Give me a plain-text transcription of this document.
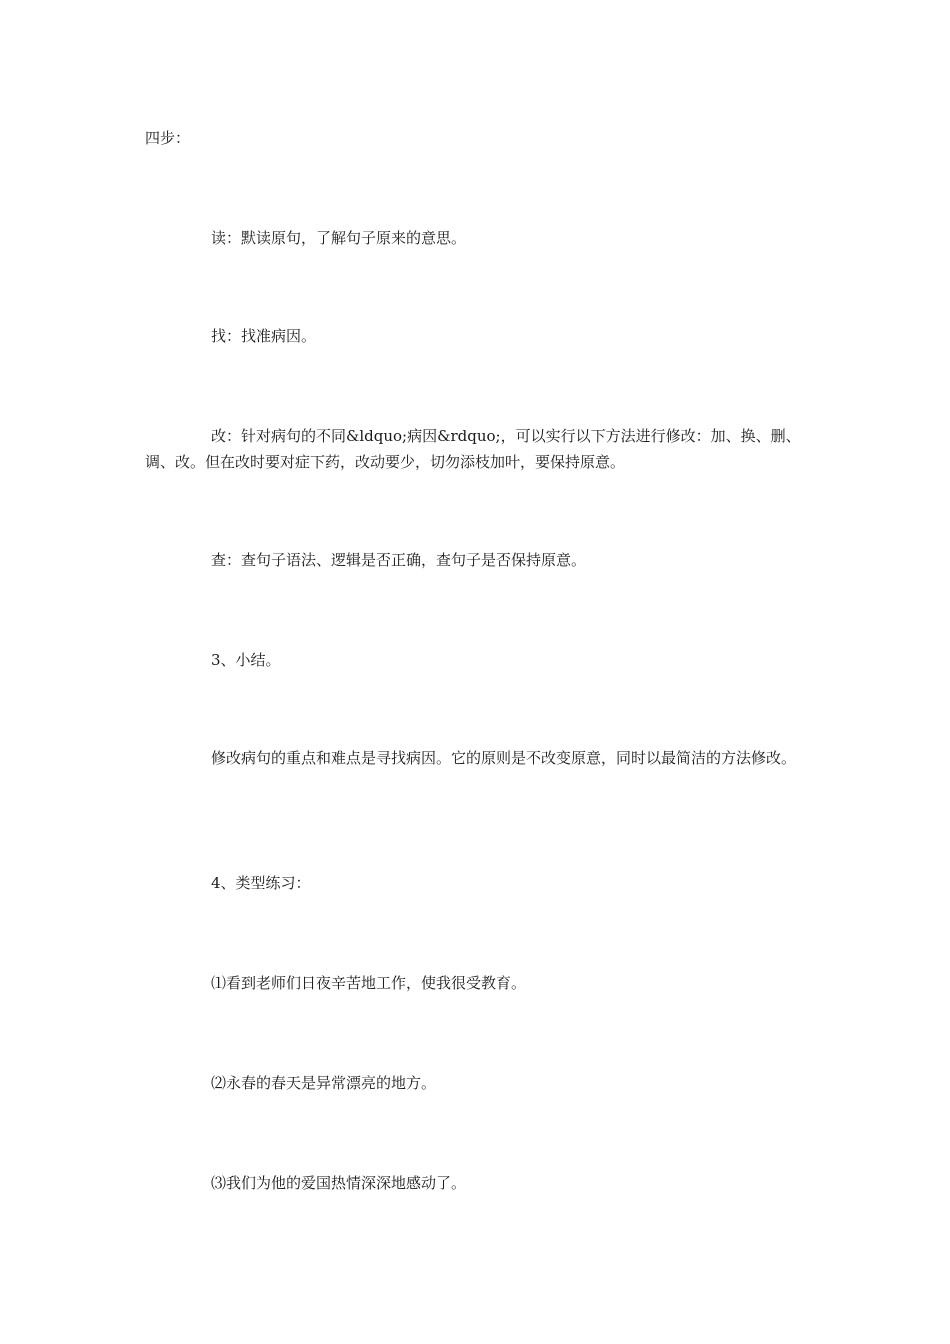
四步：

读：默读原句，了解句子原来的意思。

找：找准病因。

改：针对病句的不同&ldquo;病因&rdquo;，可以实行以下方法进行修改：加、换、删、调、改。但在改时要对症下药，改动要少，切勿添枝加叶，要保持原意。

查：查句子语法、逻辑是否正确，查句子是否保持原意。

3、小结。

修改病句的重点和难点是寻找病因。它的原则是不改变原意，同时以最简洁的方法修改。

4、类型练习：

⑴看到老师们日夜辛苦地工作，使我很受教育。

⑵永春的春天是异常漂亮的地方。

⑶我们为他的爱国热情深深地感动了。
